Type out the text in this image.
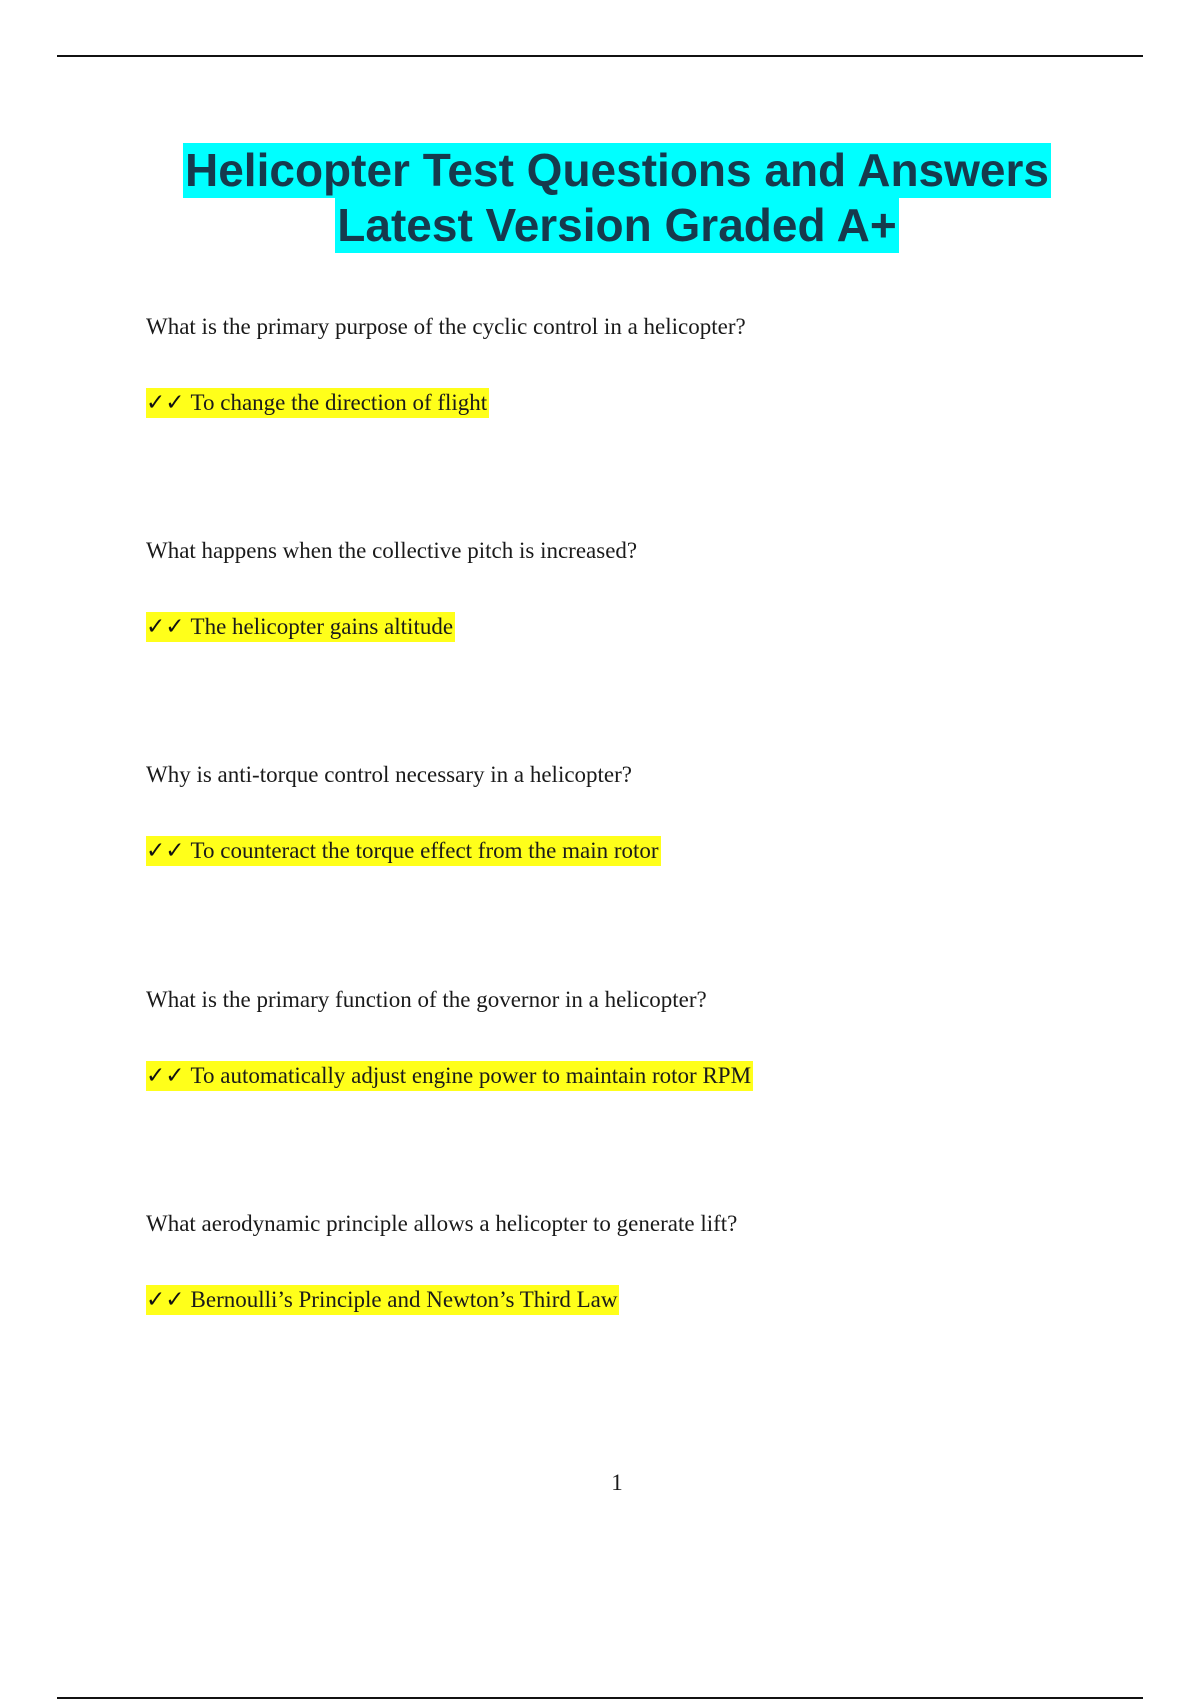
Helicopter Test Questions and Answers
Latest Version Graded A+

What is the primary purpose of the cyclic control in a helicopter?

✓✓ To change the direction of flight

What happens when the collective pitch is increased?

✓✓ The helicopter gains altitude

Why is anti-torque control necessary in a helicopter?

✓✓ To counteract the torque effect from the main rotor

What is the primary function of the governor in a helicopter?

✓✓ To automatically adjust engine power to maintain rotor RPM

What aerodynamic principle allows a helicopter to generate lift?

✓✓ Bernoulli’s Principle and Newton’s Third Law
1
